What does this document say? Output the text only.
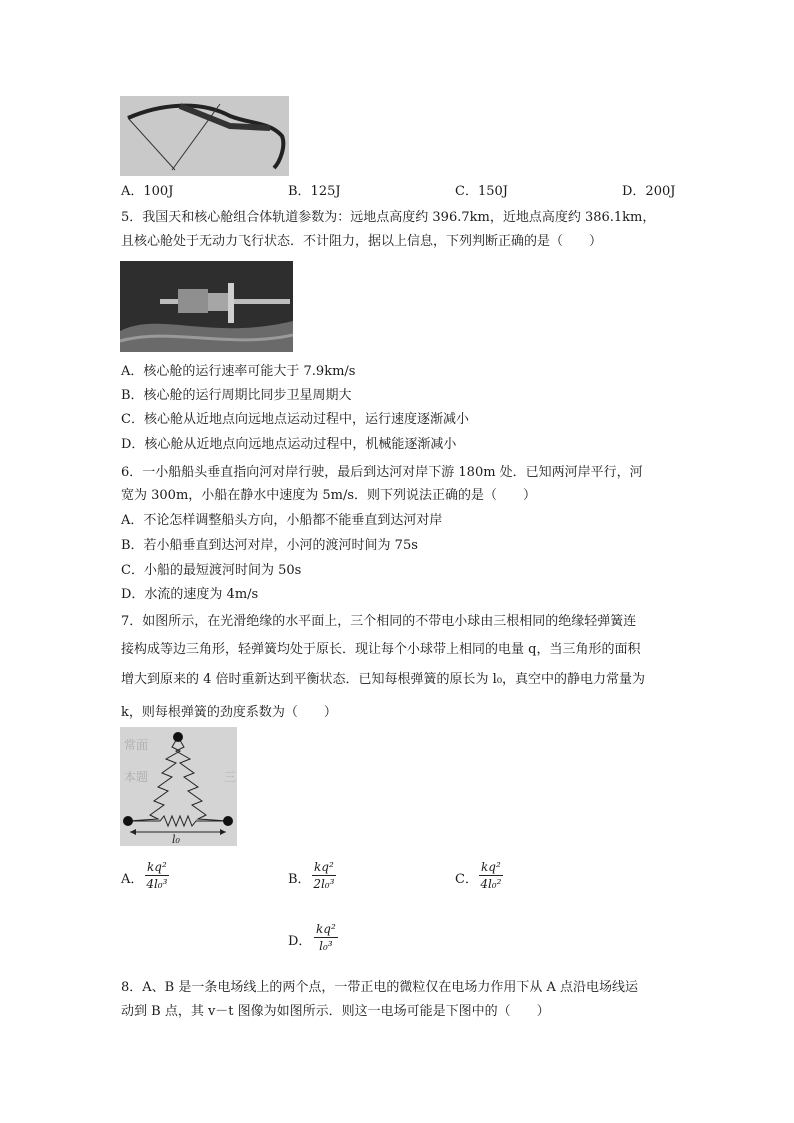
A．100J	B．125J	C．150J	D．200J
5．我国天和核心舱组合体轨道参数为：远地点高度约 396.7km，近地点高度约 386.1km，
且核心舱处于无动力飞行状态．不计阻力，据以上信息，下列判断正确的是（　　）
A．核心舱的运行速率可能大于 7.9km/s
B．核心舱的运行周期比同步卫星周期大
C．核心舱从近地点向远地点运动过程中，运行速度逐渐减小
D．核心舱从近地点向远地点运动过程中，机械能逐渐减小
6．一小船船头垂直指向河对岸行驶，最后到达河对岸下游 180m 处．已知两河岸平行，河
宽为 300m，小船在静水中速度为 5m/s．则下列说法正确的是（　　）
A．不论怎样调整船头方向，小船都不能垂直到达河对岸
B．若小船垂直到达河对岸，小河的渡河时间为 75s
C．小船的最短渡河时间为 50s
D．水流的速度为 4m/s
7．如图所示，在光滑绝缘的水平面上，三个相同的不带电小球由三根相同的绝缘轻弹簧连
接构成等边三角形，轻弹簧均处于原长．现让每个小球带上相同的电量 q，当三角形的面积
增大到原来的 4 倍时重新达到平衡状态．已知每根弹簧的原长为 l₀，真空中的静电力常量为
k，则每根弹簧的劲度系数为（　　）
常面
本题	三
l₀
A． $\frac{\text{kq²}}{\text{4l₀³}}$	B． $\frac{\text{kq²}}{\text{2l₀³}}$	C． $\frac{\text{kq²}}{\text{4l₀²}}$
D． $\frac{\text{kq²}}{\text{l₀³}}$
8．A、B 是一条电场线上的两个点，一带正电的微粒仅在电场力作用下从 A 点沿电场线运
动到 B 点，其 v－t 图像为如图所示．则这一电场可能是下图中的（　　）
